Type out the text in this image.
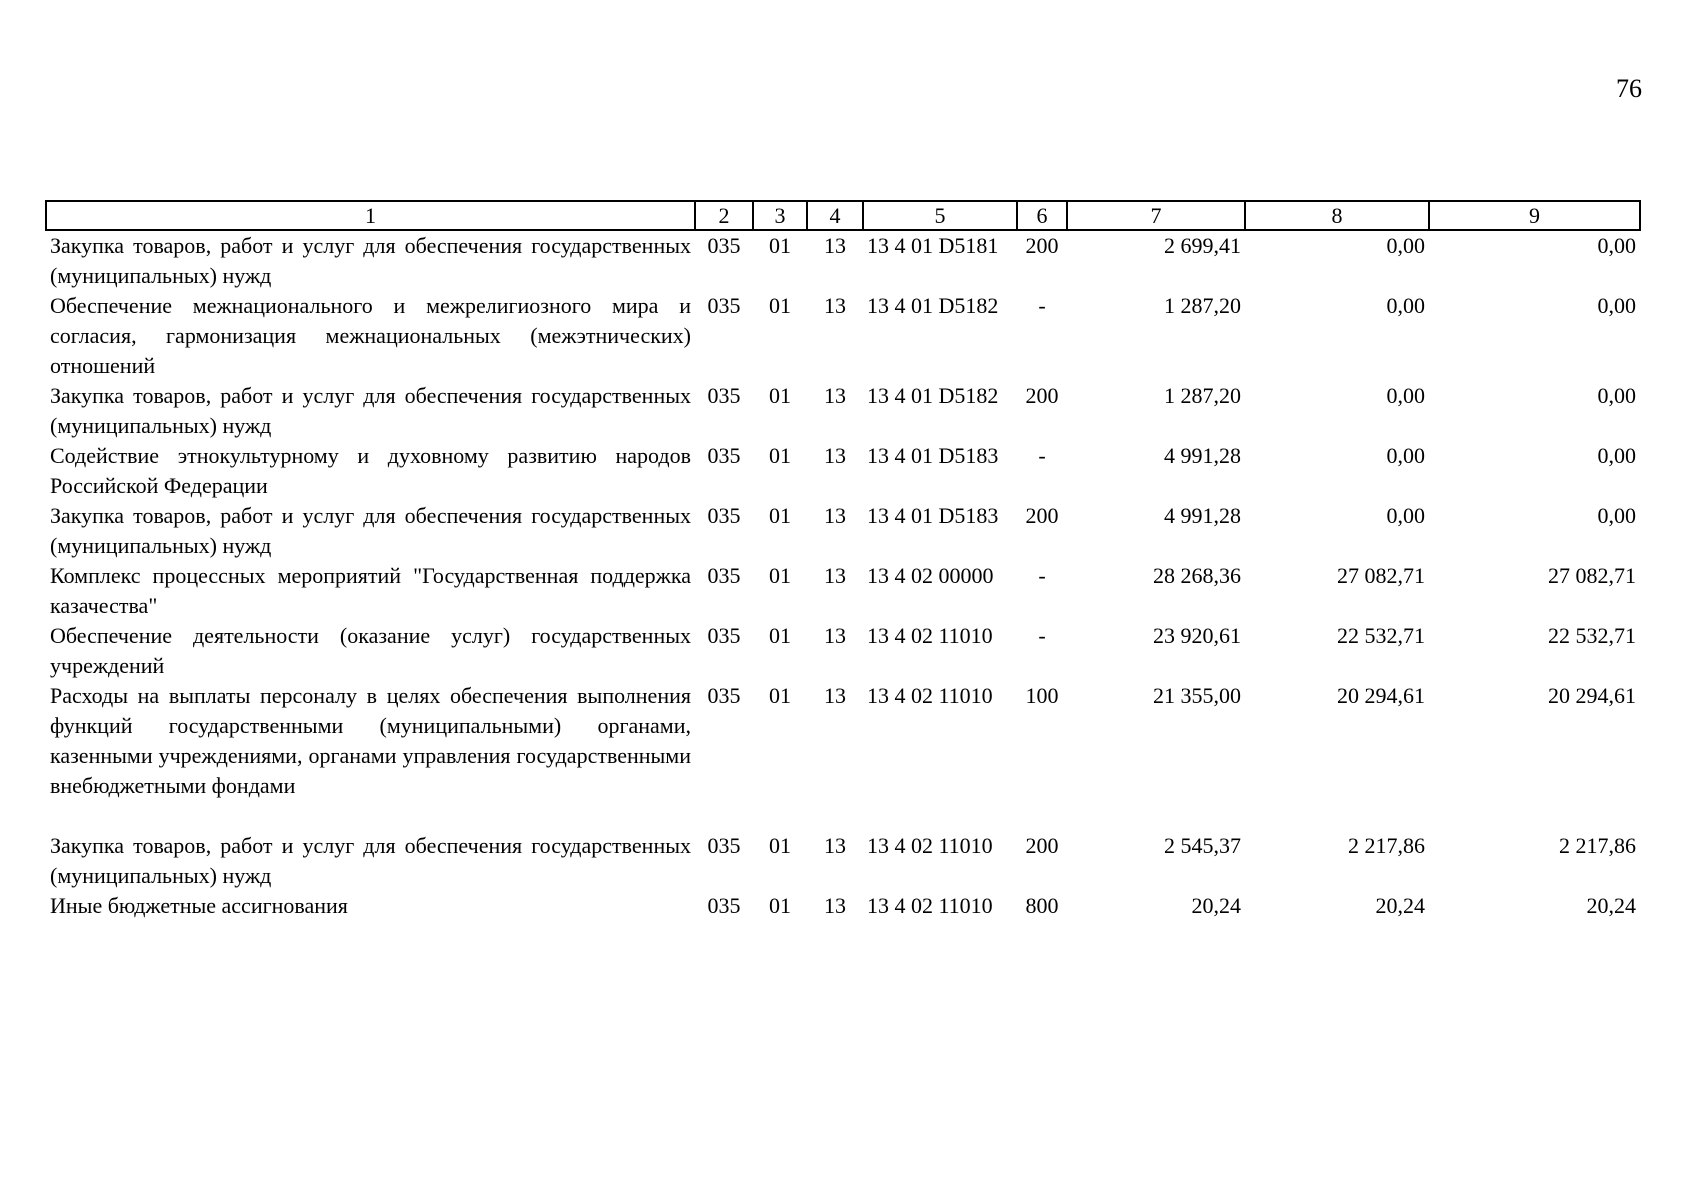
76
1	2	3	4	5	6	7	8	9
Закупка товаров, работ и услуг для обеспечения государственных (муниципальных) нужд	035	01	13	13 4 01 D5181	200	2 699,41	0,00	0,00
Обеспечение межнационального и межрелигиозного мира и согласия, гармонизация межнациональных (межэтнических) отношений	035	01	13	13 4 01 D5182	-	1 287,20	0,00	0,00
Закупка товаров, работ и услуг для обеспечения государственных (муниципальных) нужд	035	01	13	13 4 01 D5182	200	1 287,20	0,00	0,00
Содействие этнокультурному и духовному развитию народов Российской Федерации	035	01	13	13 4 01 D5183	-	4 991,28	0,00	0,00
Закупка товаров, работ и услуг для обеспечения государственных (муниципальных) нужд	035	01	13	13 4 01 D5183	200	4 991,28	0,00	0,00
Комплекс процессных мероприятий "Государственная поддержка казачества"	035	01	13	13 4 02 00000	-	28 268,36	27 082,71	27 082,71
Обеспечение деятельности (оказание услуг) государственных учреждений	035	01	13	13 4 02 11010	-	23 920,61	22 532,71	22 532,71
Расходы на выплаты персоналу в целях обеспечения выполнения функций государственными (муниципальными) органами, казенными учреждениями, органами управления государственными внебюджетными фондами	035	01	13	13 4 02 11010	100	21 355,00	20 294,61	20 294,61
Закупка товаров, работ и услуг для обеспечения государственных (муниципальных) нужд	035	01	13	13 4 02 11010	200	2 545,37	2 217,86	2 217,86
Иные бюджетные ассигнования	035	01	13	13 4 02 11010	800	20,24	20,24	20,24
